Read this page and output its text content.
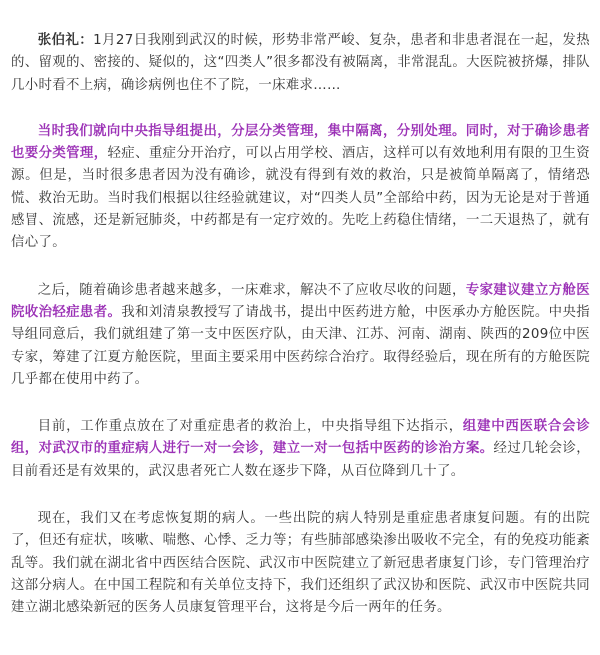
张伯礼：1月27日我刚到武汉的时候，形势非常严峻、复杂，患者和非患者混在一起，发热的、留观的、密接的、疑似的，这“四类人”很多都没有被隔离，非常混乱。大医院被挤爆，排队几小时看不上病，确诊病例也住不了院，一床难求……

当时我们就向中央指导组提出，分层分类管理，集中隔离，分别处理。同时，对于确诊患者也要分类管理，轻症、重症分开治疗，可以占用学校、酒店，这样可以有效地利用有限的卫生资源。但是，当时很多患者因为没有确诊，就没有得到有效的救治，只是被简单隔离了，情绪恐慌、救治无助。当时我们根据以往经验就建议，对“四类人员”全部给中药，因为无论是对于普通感冒、流感，还是新冠肺炎，中药都是有一定疗效的。先吃上药稳住情绪，一二天退热了，就有信心了。

之后，随着确诊患者越来越多，一床难求，解决不了应收尽收的问题，专家建议建立方舱医院收治轻症患者。我和刘清泉教授写了请战书，提出中医药进方舱，中医承办方舱医院。中央指导组同意后，我们就组建了第一支中医医疗队，由天津、江苏、河南、湖南、陕西的209位中医专家，筹建了江夏方舱医院，里面主要采用中医药综合治疗。取得经验后，现在所有的方舱医院几乎都在使用中药了。

目前，工作重点放在了对重症患者的救治上，中央指导组下达指示，组建中西医联合会诊组，对武汉市的重症病人进行一对一会诊，建立一对一包括中医药的诊治方案。经过几轮会诊，目前看还是有效果的，武汉患者死亡人数在逐步下降，从百位降到几十了。

现在，我们又在考虑恢复期的病人。一些出院的病人特别是重症患者康复问题。有的出院了，但还有症状，咳嗽、喘憋、心悸、乏力等；有些肺部感染渗出吸收不完全，有的免疫功能紊乱等。我们就在湖北省中西医结合医院、武汉市中医院建立了新冠患者康复门诊，专门管理治疗这部分病人。在中国工程院和有关单位支持下，我们还组织了武汉协和医院、武汉市中医院共同建立湖北感染新冠的医务人员康复管理平台，这将是今后一两年的任务。
